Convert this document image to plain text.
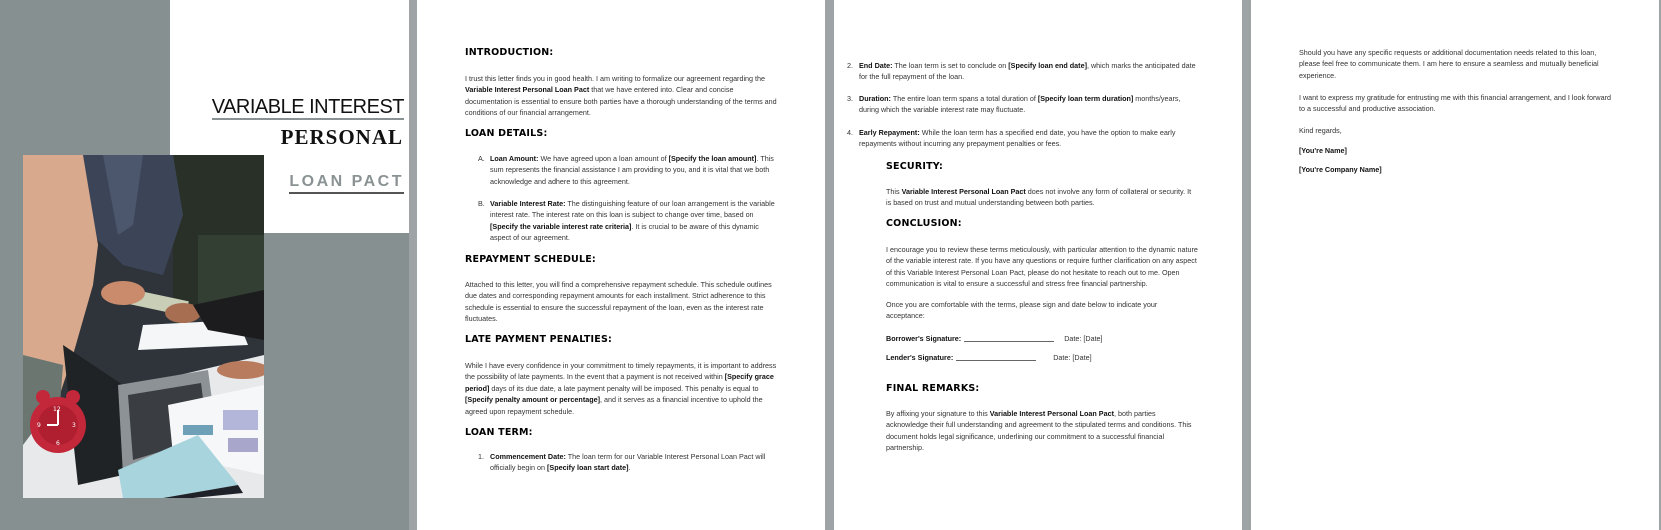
VARIABLE INTEREST
PERSONAL
LOAN PACT
12
3
6
9
INTRODUCTION:

I trust this letter finds you in good health. I am writing to formalize our agreement regarding the Variable Interest Personal Loan Pact that we have entered into. Clear and concise documentation is essential to ensure both parties have a thorough understanding of the terms and conditions of our financial arrangement.

LOAN DETAILS:
A. Loan Amount: We have agreed upon a loan amount of [Specify the loan amount]. This sum represents the financial assistance I am providing to you, and it is vital that we both acknowledge and adhere to this agreement.
B. Variable Interest Rate: The distinguishing feature of our loan arrangement is the variable interest rate. The interest rate on this loan is subject to change over time, based on [Specify the variable interest rate criteria]. It is crucial to be aware of this dynamic aspect of our agreement.
REPAYMENT SCHEDULE:

Attached to this letter, you will find a comprehensive repayment schedule. This schedule outlines due dates and corresponding repayment amounts for each installment. Strict adherence to this schedule is essential to ensure the successful repayment of the loan, even as the interest rate fluctuates.

LATE PAYMENT PENALTIES:

While I have every confidence in your commitment to timely repayments, it is important to address the possibility of late payments. In the event that a payment is not received within [Specify grace period] days of its due date, a late payment penalty will be imposed. This penalty is equal to [Specify penalty amount or percentage], and it serves as a financial incentive to uphold the agreed upon repayment schedule.

LOAN TERM:
1. Commencement Date: The loan term for our Variable Interest Personal Loan Pact will officially begin on [Specify loan start date].
2. End Date: The loan term is set to conclude on [Specify loan end date], which marks the anticipated date for the full repayment of the loan.
3. Duration: The entire loan term spans a total duration of [Specify loan term duration] months/years, during which the variable interest rate may fluctuate.
4. Early Repayment: While the loan term has a specified end date, you have the option to make early repayments without incurring any prepayment penalties or fees.
SECURITY:

This Variable Interest Personal Loan Pact does not involve any form of collateral or security. It is based on trust and mutual understanding between both parties.

CONCLUSION:

I encourage you to review these terms meticulously, with particular attention to the dynamic nature of the variable interest rate. If you have any questions or require further clarification on any aspect of this Variable Interest Personal Loan Pact, please do not hesitate to reach out to me. Open communication is vital to ensure a successful and stress free financial partnership.

Once you are comfortable with the terms, please sign and date below to indicate your acceptance:

Borrower's Signature:	Date: [Date]
Lender's Signature:	Date: [Date]
FINAL REMARKS:

By affixing your signature to this Variable Interest Personal Loan Pact, both parties acknowledge their full understanding and agreement to the stipulated terms and conditions. This document holds legal significance, underlining our commitment to a successful financial partnership.

Should you have any specific requests or additional documentation needs related to this loan, please feel free to communicate them. I am here to ensure a seamless and mutually beneficial experience.

I want to express my gratitude for entrusting me with this financial arrangement, and I look forward to a successful and productive association.

Kind regards,

[You're Name]

[You're Company Name]
